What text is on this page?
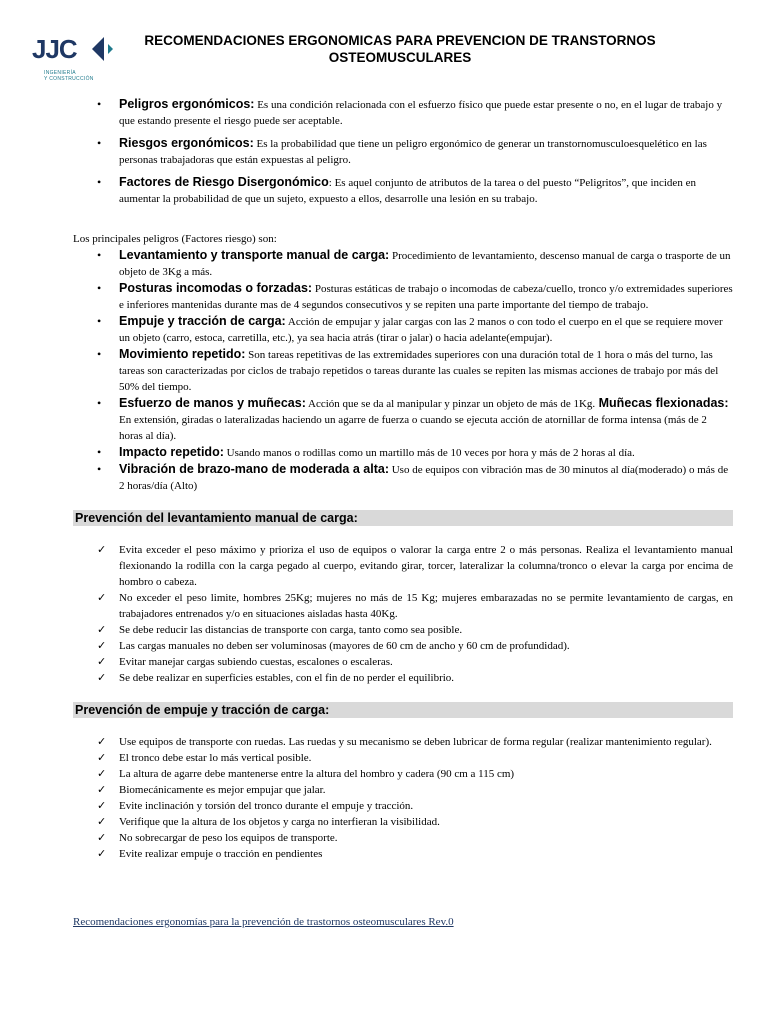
JJC
INGENIERÍA
Y CONSTRUCCIÓN
RECOMENDACIONES ERGONOMICAS PARA PREVENCION DE TRANSTORNOS OSTEOMUSCULARES
• Peligros ergonómicos: Es una condición relacionada con el esfuerzo físico que puede estar presente o no, en el lugar de trabajo y que estando presente el riesgo puede ser aceptable.
• Riesgos ergonómicos: Es la probabilidad que tiene un peligro ergonómico de generar un transtornomusculoesquelético en las personas trabajadoras que están expuestas al peligro.
• Factores de Riesgo Disergonómico: Es aquel conjunto de atributos de la tarea o del puesto “Peligritos”, que inciden en aumentar la probabilidad de que un sujeto, expuesto a ellos, desarrolle una lesión en su trabajo.

Los principales peligros (Factores riesgo) son:

• Levantamiento y transporte manual de carga: Procedimiento de levantamiento, descenso manual de carga o trasporte de un objeto de 3Kg a más.
• Posturas incomodas o forzadas: Posturas estáticas de trabajo o incomodas de cabeza/cuello, tronco y/o extremidades superiores e inferiores mantenidas durante mas de 4 segundos consecutivos y se repiten una parte importante del tiempo de trabajo.
• Empuje y tracción de carga: Acción de empujar y jalar cargas con las 2 manos o con todo el cuerpo en el que se requiere mover un objeto (carro, estoca, carretilla, etc.), ya sea hacia atrás (tirar o jalar) o hacia adelante(empujar).
• Movimiento repetido: Son tareas repetitivas de las extremidades superiores con una duración total de 1 hora o más del turno, las tareas son caracterizadas por ciclos de trabajo repetidos o tareas durante las cuales se repiten las mismas acciones de trabajo por más del 50% del tiempo.
• Esfuerzo de manos y muñecas: Acción que se da al manipular y pinzar un objeto de más de 1Kg. Muñecas flexionadas: En extensión, giradas o lateralizadas haciendo un agarre de fuerza o cuando se ejecuta acción de atornillar de forma intensa (más de 2 horas al día).
• Impacto repetido: Usando manos o rodillas como un martillo más de 10 veces por hora y más de 2 horas al día.
• Vibración de brazo-mano de moderada a alta: Uso de equipos con vibración mas de 30 minutos al día(moderado) o más de 2 horas/día (Alto)
Prevención del levantamiento manual de carga:
✓ Evita exceder el peso máximo y prioriza el uso de equipos o valorar la carga entre 2 o más personas. Realiza el levantamiento manual flexionando la rodilla con la carga pegado al cuerpo, evitando girar, torcer, lateralizar la columna/tronco o elevar la carga por encima de hombro o cabeza.
✓ No exceder el peso limite, hombres 25Kg; mujeres no más de 15 Kg; mujeres embarazadas no se permite levantamiento de cargas, en trabajadores entrenados y/o en situaciones aisladas hasta 40Kg.
✓ Se debe reducir las distancias de transporte con carga, tanto como sea posible.
✓ Las cargas manuales no deben ser voluminosas (mayores de 60 cm de ancho y 60 cm de profundidad).
✓ Evitar manejar cargas subiendo cuestas, escalones o escaleras.
✓ Se debe realizar en superficies estables, con el fin de no perder el equilibrio.
Prevención de empuje y tracción de carga:
✓ Use equipos de transporte con ruedas. Las ruedas y su mecanismo se deben lubricar de forma regular (realizar mantenimiento regular).
✓ El tronco debe estar lo más vertical posible.
✓ La altura de agarre debe mantenerse entre la altura del hombro y cadera (90 cm a 115 cm)
✓ Biomecánicamente es mejor empujar que jalar.
✓ Evite inclinación y torsión del tronco durante el empuje y tracción.
✓ Verifique que la altura de los objetos y carga no interfieran la visibilidad.
✓ No sobrecargar de peso los equipos de transporte.
✓ Evite realizar empuje o tracción en pendientes
Recomendaciones ergonomías para la prevención de trastornos osteomusculares Rev.0
